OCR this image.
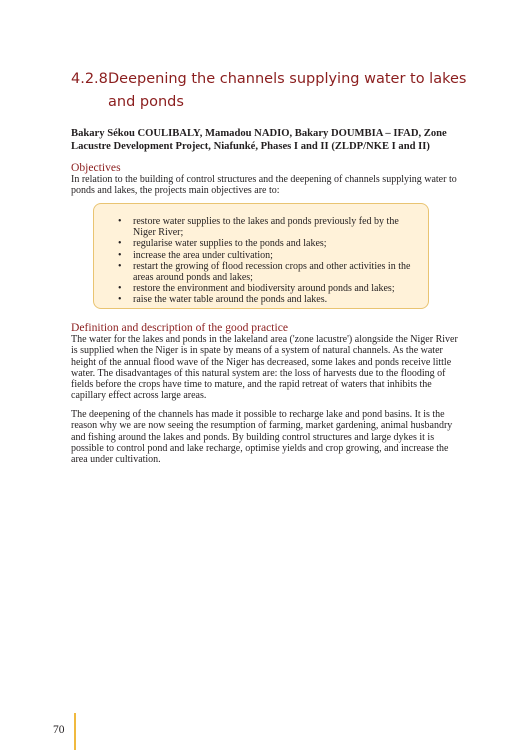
4.2.8 Deepening the channels supplying water to lakes and ponds
Bakary Sékou COULIBALY, Mamadou NADIO, Bakary DOUMBIA – IFAD, Zone Lacustre Development Project, Niafunké, Phases I and II (ZLDP/NKE I and II)
Objectives
In relation to the building of control structures and the deepening of channels supplying water to ponds and lakes, the projects main objectives are to:
• restore water supplies to the lakes and ponds previously fed by the Niger River;
• regularise water supplies to the ponds and lakes;
• increase the area under cultivation;
• restart the growing of flood recession crops and other activities in the areas around ponds and lakes;
• restore the environment and biodiversity around ponds and lakes;
• raise the water table around the ponds and lakes.
Definition and description of the good practice
The water for the lakes and ponds in the lakeland area ('zone lacustre') alongside the Niger River is supplied when the Niger is in spate by means of a system of natural channels. As the water height of the annual flood wave of the Niger has decreased, some lakes and ponds receive little water. The disadvantages of this natural system are: the loss of harvests due to the flooding of fields before the crops have time to mature, and the rapid retreat of waters that inhibits the capillary effect across large areas.
The deepening of the channels has made it possible to recharge lake and pond basins. It is the reason why we are now seeing the resumption of farming, market gardening, animal husbandry and fishing around the lakes and ponds. By building control structures and large dykes it is possible to control pond and lake recharge, optimise yields and crop growing, and increase the area under cultivation.
70
